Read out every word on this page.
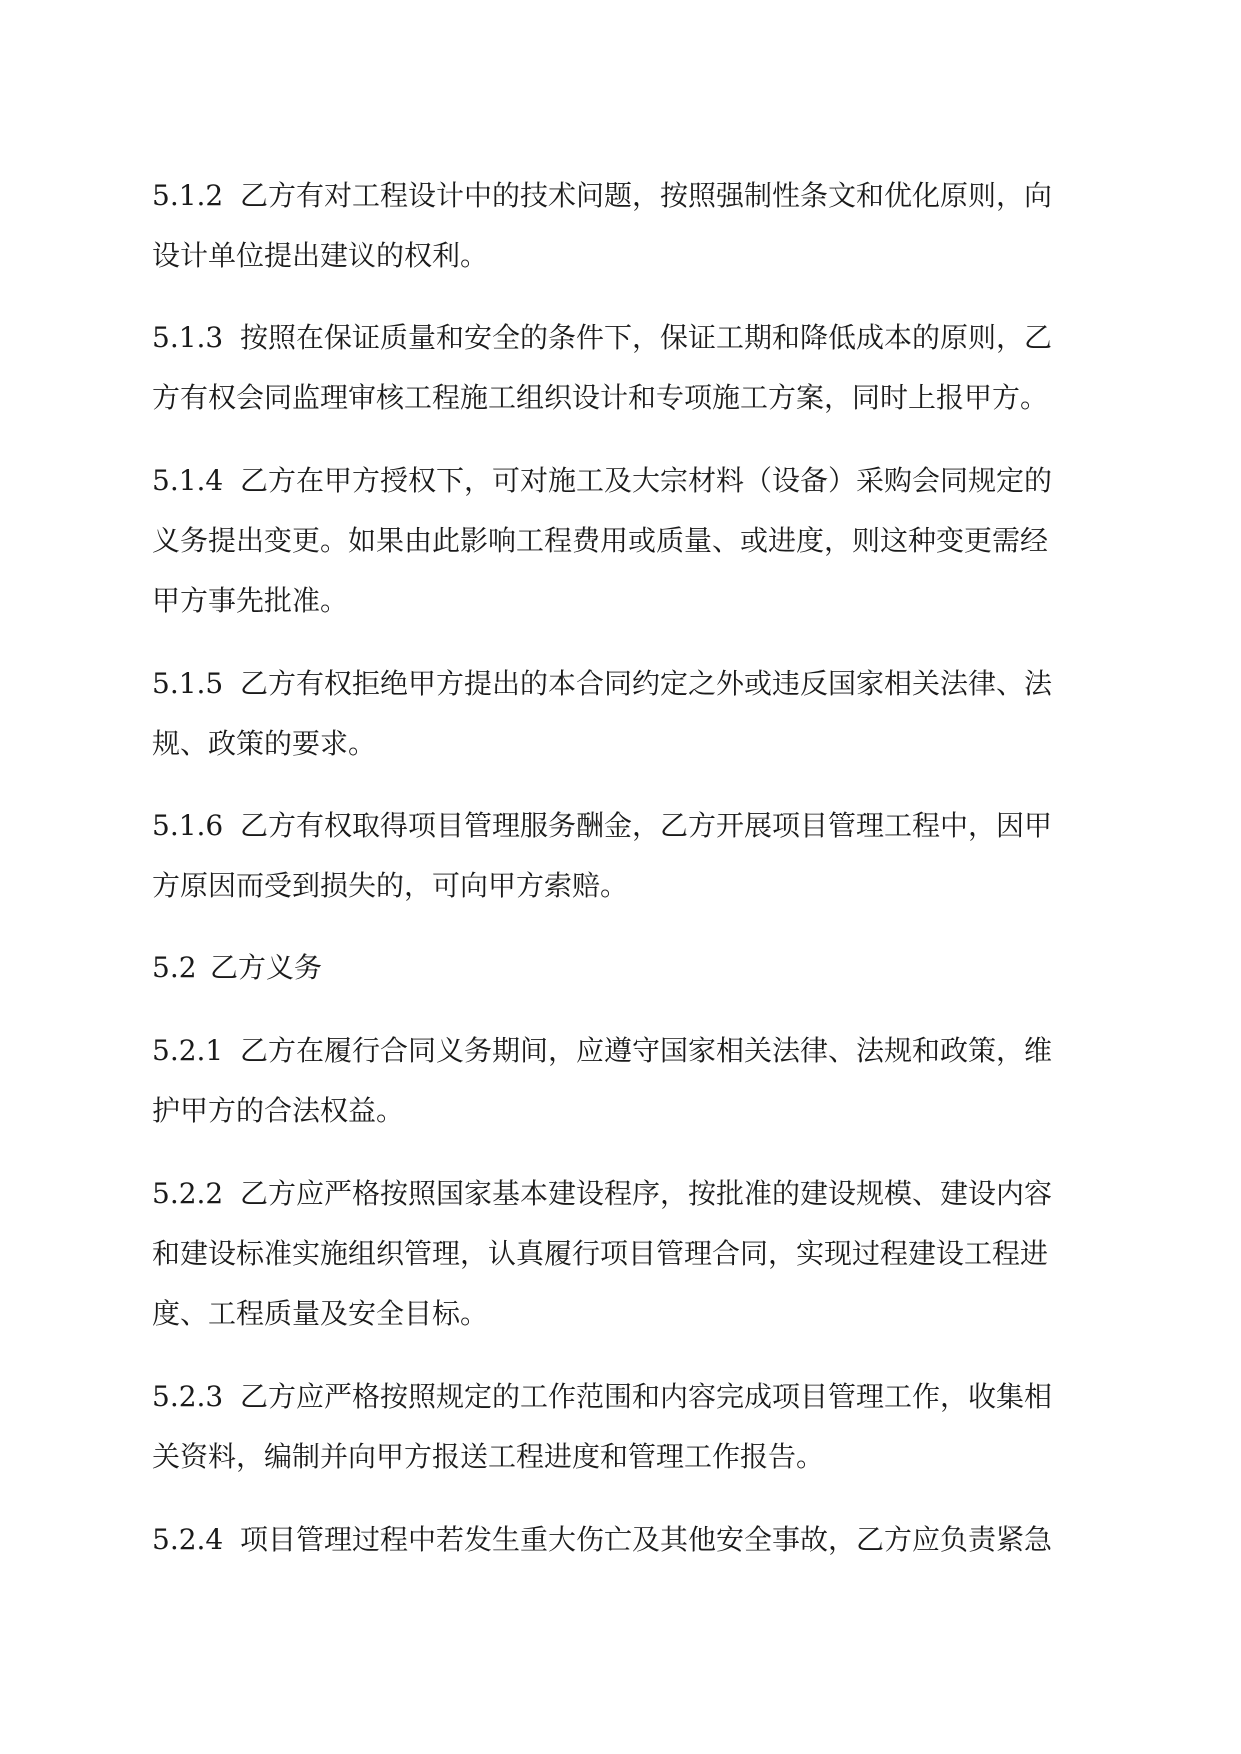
5.1.2 乙方有对工程设计中的技术问题，按照强制性条文和优化原则，向
设计单位提出建议的权利。
5.1.3 按照在保证质量和安全的条件下，保证工期和降低成本的原则，乙
方有权会同监理审核工程施工组织设计和专项施工方案，同时上报甲方。
5.1.4 乙方在甲方授权下，可对施工及大宗材料（设备）采购会同规定的
义务提出变更。如果由此影响工程费用或质量、或进度，则这种变更需经
甲方事先批准。
5.1.5 乙方有权拒绝甲方提出的本合同约定之外或违反国家相关法律、法
规、政策的要求。
5.1.6 乙方有权取得项目管理服务酬金，乙方开展项目管理工程中，因甲
方原因而受到损失的，可向甲方索赔。
5.2 乙方义务
5.2.1 乙方在履行合同义务期间，应遵守国家相关法律、法规和政策，维
护甲方的合法权益。
5.2.2 乙方应严格按照国家基本建设程序，按批准的建设规模、建设内容
和建设标准实施组织管理，认真履行项目管理合同，实现过程建设工程进
度、工程质量及安全目标。
5.2.3 乙方应严格按照规定的工作范围和内容完成项目管理工作，收集相
关资料，编制并向甲方报送工程进度和管理工作报告。
5.2.4 项目管理过程中若发生重大伤亡及其他安全事故，乙方应负责紧急
